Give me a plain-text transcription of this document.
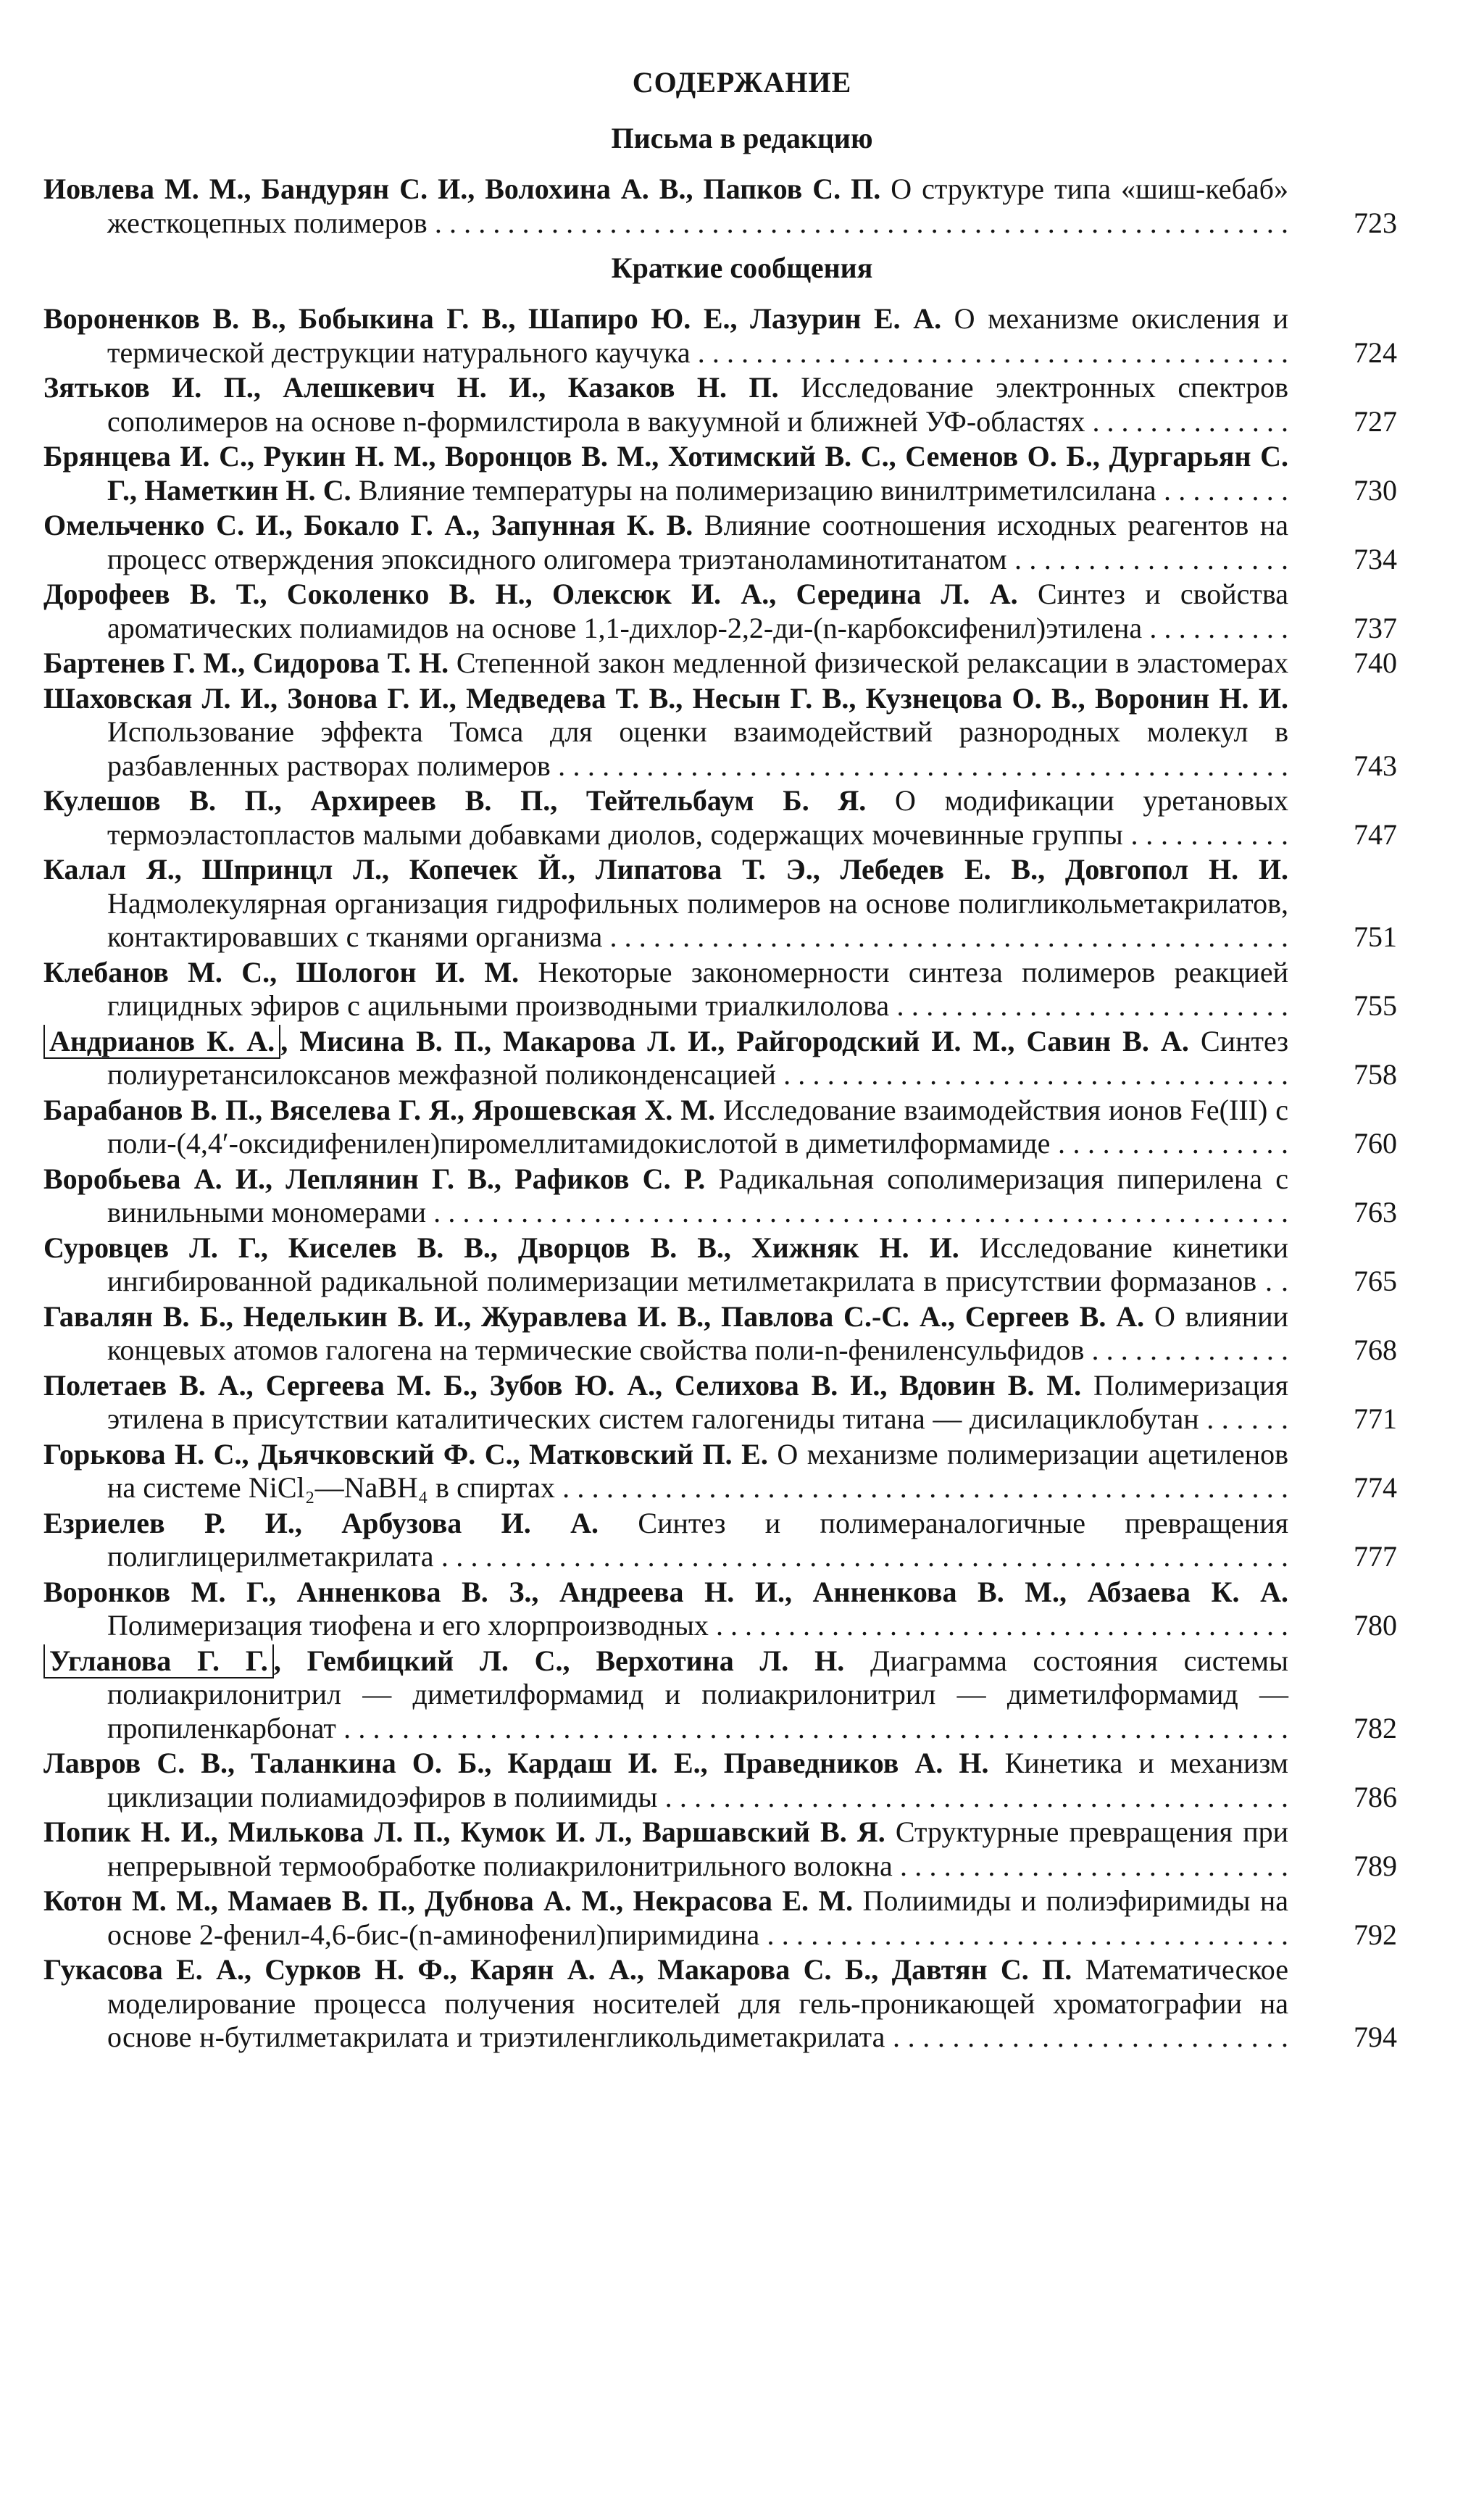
СОДЕРЖАНИЕ
Письма в редакцию
Иовлева М. М., Бандурян С. И., Волохина А. В., Папков С. П. О структуре типа «шиш-кебаб» жесткоцепных полимеров . . .	723
Краткие сообщения
Вороненков В. В., Бобыкина Г. В., Шапиро Ю. Е., Лазурин Е. А. О механизме окисления и термической деструкции натурального каучука . . .	724
Зятьков И. П., Алешкевич Н. И., Казаков Н. П. Исследование электронных спектров сополимеров на основе n-формилстирола в вакуумной и ближней УФ-областях . . .	727
Брянцева И. С., Рукин Н. М., Воронцов В. М., Хотимский В. С., Семенов О. Б., Дургарьян С. Г., Наметкин Н. С. Влияние температуры на полимеризацию винилтриметилсилана . . .	730
Омельченко С. И., Бокало Г. А., Запунная К. В. Влияние соотношения исходных реагентов на процесс отверждения эпоксидного олигомера триэтаноламинотитанатом . . .	734
Дорофеев В. Т., Соколенко В. Н., Олексюк И. А., Середина Л. А. Синтез и свойства ароматических полиамидов на основе 1,1-дихлор-2,2-ди-(n-карбоксифенил)этилена . . .	737
Бартенев Г. М., Сидорова Т. Н. Степенной закон медленной физической релаксации в эластомерах . . .	740
Шаховская Л. И., Зонова Г. И., Медведева Т. В., Несын Г. В., Кузнецова О. В., Воронин Н. И. Использование эффекта Томса для оценки взаимодействий разнородных молекул в разбавленных растворах полимеров . . .	743
Кулешов В. П., Архиреев В. П., Тейтельбаум Б. Я. О модификации уретановых термоэластопластов малыми добавками диолов, содержащих мочевинные группы . . .	747
Калал Я., Шпринцл Л., Копечек Й., Липатова Т. Э., Лебедев Е. В., Довгопол Н. И. Надмолекулярная организация гидрофильных полимеров на основе полигликольметакрилатов, контактировавших с тканями организма . . .	751
Клебанов М. С., Шологон И. М. Некоторые закономерности синтеза полимеров реакцией глицидных эфиров с ацильными производными триалкилолова . . .	755
Андрианов К. А. , Мисина В. П., Макарова Л. И., Райгородский И. М., Савин В. А. Синтез полиуретансилоксанов межфазной поликонденсацией . . .	758
Барабанов В. П., Вяселева Г. Я., Ярошевская Х. М. Исследование взаимодействия ионов Fe(III) с поли-(4,4′-оксидифенилен)пиромеллитамидокислотой в диметилформамиде . . .	760
Воробьева А. И., Леплянин Г. В., Рафиков С. Р. Радикальная сополимеризация пиперилена с винильными мономерами . . .	763
Суровцев Л. Г., Киселев В. В., Дворцов В. В., Хижняк Н. И. Исследование кинетики ингибированной радикальной полимеризации метилметакрилата в присутствии формазанов . . .	765
Гавалян В. Б., Неделькин В. И., Журавлева И. В., Павлова С.-С. А., Сергеев В. А. О влиянии концевых атомов галогена на термические свойства поли-n-фениленсульфидов . . .	768
Полетаев В. А., Сергеева М. Б., Зубов Ю. А., Селихова В. И., Вдовин В. М. Полимеризация этилена в присутствии каталитических систем галогениды титана — дисилациклобутан . . .	771
Горькова Н. С., Дьячковский Ф. С., Матковский П. Е. О механизме полимеризации ацетиленов на системе NiCl₂—NaBH₄ в спиртах . . .	774
Езриелев Р. И., Арбузова И. А. Синтез и полимераналогичные превращения полиглицерилметакрилата . . .	777
Воронков М. Г., Анненкова В. З., Андреева Н. И., Анненкова В. М., Абзаева К. А. Полимеризация тиофена и его хлорпроизводных . . .	780
Угланова Г. Г. , Гембицкий Л. С., Верхотина Л. Н. Диаграмма состояния системы полиакрилонитрил — диметилформамид и полиакрилонитрил — диметилформамид — пропиленкарбонат . . .	782
Лавров С. В., Таланкина О. Б., Кардаш И. Е., Праведников А. Н. Кинетика и механизм циклизации полиамидоэфиров в полиимиды . . .	786
Попик Н. И., Милькова Л. П., Кумок И. Л., Варшавский В. Я. Структурные превращения при непрерывной термообработке полиакрилонитрильного волокна . . .	789
Котон М. М., Мамаев В. П., Дубнова А. М., Некрасова Е. М. Полиимиды и полиэфиримиды на основе 2-фенил-4,6-бис-(n-аминофенил)пиримидина . . .	792
Гукасова Е. А., Сурков Н. Ф., Карян А. А., Макарова С. Б., Давтян С. П. Математическое моделирование процесса получения носителей для гель-проникающей хроматографии на основе н-бутилметакрилата и триэтиленгликольдиметакрилата . . .	794
